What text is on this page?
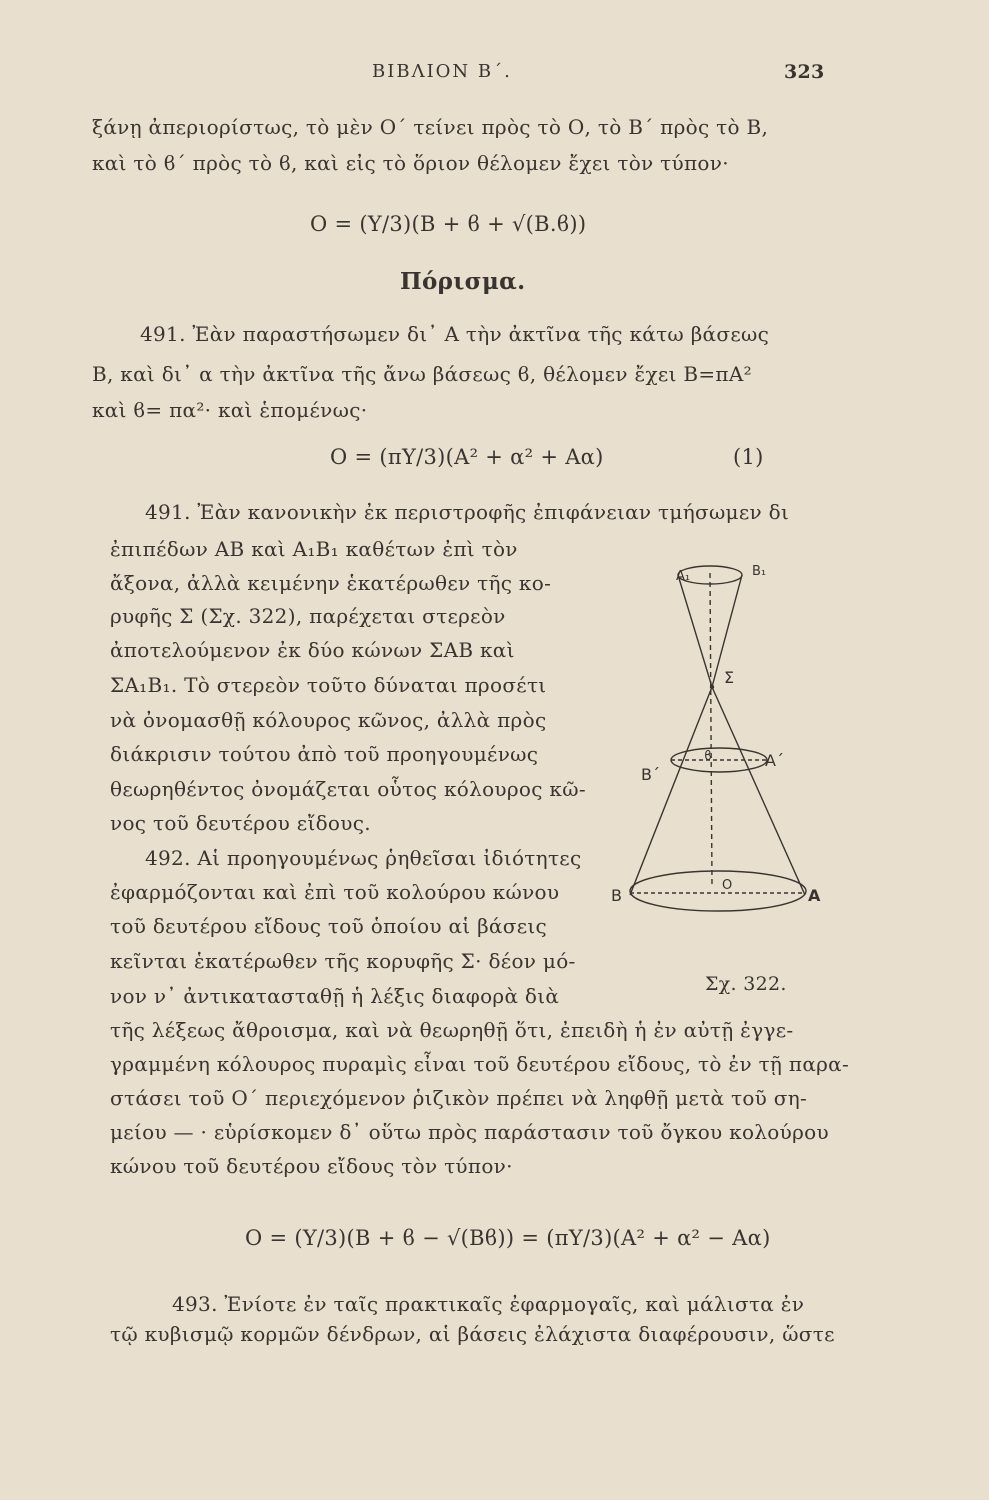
ΒΙΒΛΙΟΝ Β΄.	323
ξάνῃ ἀπεριορίστως, τὸ μὲν Ο΄ τείνει πρὸς τὸ Ο, τὸ Β΄ πρὸς τὸ Β,
καὶ τὸ ϐ΄ πρὸς τὸ ϐ, καὶ εἰς τὸ ὅριον θέλομεν ἔχει τὸν τύπον·
Ο = (Υ/3)(Β + ϐ + √(Β.ϐ))
Πόρισμα.
491. Ἐὰν παραστήσωμεν δι᾿ Α τὴν ἀκτῖνα τῆς κάτω βάσεως
Β, καὶ δι᾿ α τὴν ἀκτῖνα τῆς ἄνω βάσεως ϐ, θέλομεν ἔχει Β=πΑ²
καὶ ϐ= πα²· καὶ ἑπομένως·
Ο = (πΥ/3)(Α² + α² + Αα)	(1)
491. Ἐὰν κανονικὴν ἐκ περιστροφῆς ἐπιφάνειαν τμήσωμεν δι
ἐπιπέδων ΑΒ καὶ Α₁Β₁ καθέτων ἐπὶ τὸν
ἄξονα, ἀλλὰ κειμένην ἑκατέρωθεν τῆς κο-
ρυφῆς Σ (Σχ. 322), παρέχεται στερεὸν
ἀποτελούμενον ἐκ δύο κώνων ΣΑΒ καὶ
ΣΑ₁Β₁. Τὸ στερεὸν τοῦτο δύναται προσέτι
νὰ ὀνομασθῇ κόλουρος κῶνος, ἀλλὰ πρὸς
διάκρισιν τούτου ἀπὸ τοῦ προηγουμένως
θεωρηθέντος ὀνομάζεται οὗτος κόλουρος κῶ-
νος τοῦ δευτέρου εἴδους.
492. Αἱ προηγουμένως ῥηθεῖσαι ἰδιότητες
ἐφαρμόζονται καὶ ἐπὶ τοῦ κολούρου κώνου
τοῦ δευτέρου εἴδους τοῦ ὁποίου αἱ βάσεις
κεῖνται ἑκατέρωθεν τῆς κορυφῆς Σ· δέον μό-
νον ν᾿ ἀντικατασταθῇ ἡ λέξις διαφορὰ διὰ
τῆς λέξεως ἄθροισμα, καὶ νὰ θεωρηθῇ ὅτι, ἐπειδὴ ἡ ἐν αὐτῇ ἐγγε-
γραμμένη κόλουρος πυραμὶς εἶναι τοῦ δευτέρου εἴδους, τὸ ἐν τῇ παρα-
στάσει τοῦ Ο΄ περιεχόμενον ῥιζικὸν πρέπει νὰ ληφθῇ μετὰ τοῦ ση-
μείου — · εὑρίσκομεν δ᾿ οὕτω πρὸς παράστασιν τοῦ ὄγκου κολούρου
κώνου τοῦ δευτέρου εἴδους τὸν τύπον·
Ο = (Υ/3)(Β + ϐ − √(Βϐ)) = (πΥ/3)(Α² + α² − Αα)
493. Ἐνίοτε ἐν ταῖς πρακτικαῖς ἐφαρμογαῖς, καὶ μάλιστα ἐν
τῷ κυβισμῷ κορμῶν δένδρων, αἱ βάσεις ἐλάχιστα διαφέρουσιν, ὥστε
Α₁	Β₁
Σ
Β΄
ϐ	Α΄
Ο
Β	Α
Σχ. 322.
